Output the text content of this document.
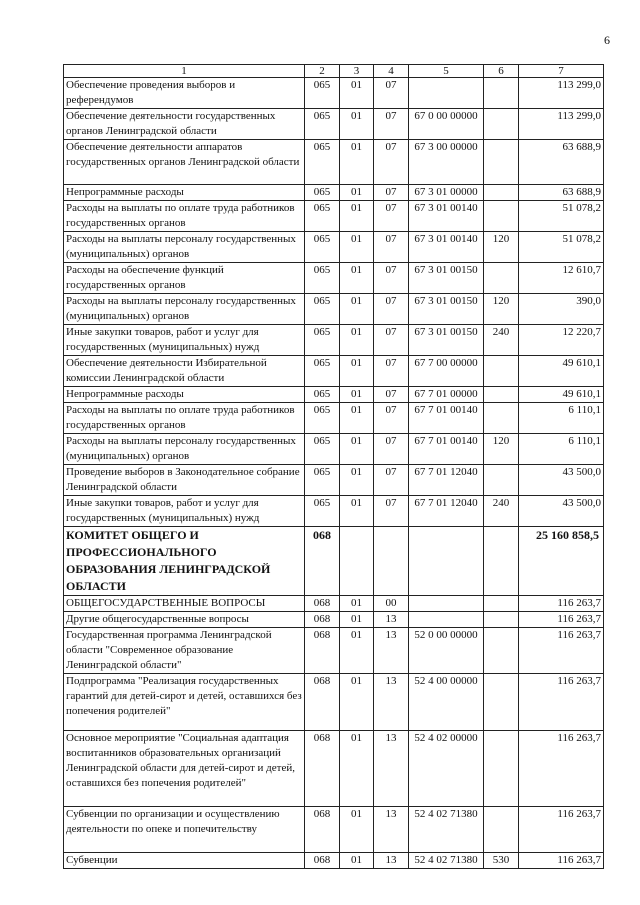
6
1	2	3	4	5	6	7
Обеспечение проведения выборов и референдумов	065	01	07			113 299,0
Обеспечение деятельности государственных органов Ленинградской области	065	01	07	67 0 00 00000		113 299,0
Обеспечение деятельности аппаратов государственных органов Ленинградской области	065	01	07	67 3 00 00000		63 688,9
Непрограммные расходы	065	01	07	67 3 01 00000		63 688,9
Расходы на выплаты по оплате труда работников государственных органов	065	01	07	67 3 01 00140		51 078,2
Расходы на выплаты персоналу государственных (муниципальных) органов	065	01	07	67 3 01 00140	120	51 078,2
Расходы на обеспечение функций государственных органов	065	01	07	67 3 01 00150		12 610,7
Расходы на выплаты персоналу государственных (муниципальных) органов	065	01	07	67 3 01 00150	120	390,0
Иные закупки товаров, работ и услуг для государственных (муниципальных) нужд	065	01	07	67 3 01 00150	240	12 220,7
Обеспечение деятельности Избирательной комиссии Ленинградской области	065	01	07	67 7 00 00000		49 610,1
Непрограммные расходы	065	01	07	67 7 01 00000		49 610,1
Расходы на выплаты по оплате труда работников государственных органов	065	01	07	67 7 01 00140		6 110,1
Расходы на выплаты персоналу государственных (муниципальных) органов	065	01	07	67 7 01 00140	120	6 110,1
Проведение выборов в Законодательное собрание Ленинградской области	065	01	07	67 7 01 12040		43 500,0
Иные закупки товаров, работ и услуг для государственных (муниципальных) нужд	065	01	07	67 7 01 12040	240	43 500,0
КОМИТЕТ ОБЩЕГО И ПРОФЕССИОНАЛЬНОГО ОБРАЗОВАНИЯ ЛЕНИНГРАДСКОЙ ОБЛАСТИ	068					25 160 858,5
ОБЩЕГОСУДАРСТВЕННЫЕ ВОПРОСЫ	068	01	00			116 263,7
Другие общегосударственные вопросы	068	01	13			116 263,7
Государственная программа Ленинградской области "Современное образование Ленинградской области"	068	01	13	52 0 00 00000		116 263,7
Подпрограмма "Реализация государственных гарантий для детей-сирот и детей, оставшихся без попечения родителей"	068	01	13	52 4 00 00000		116 263,7
Основное мероприятие "Социальная адаптация воспитанников образовательных организаций Ленинградской области для детей-сирот и детей, оставшихся без попечения родителей"	068	01	13	52 4 02 00000		116 263,7
Субвенции по организации и осуществлению деятельности по опеке и попечительству	068	01	13	52 4 02 71380		116 263,7
Субвенции	068	01	13	52 4 02 71380	530	116 263,7
